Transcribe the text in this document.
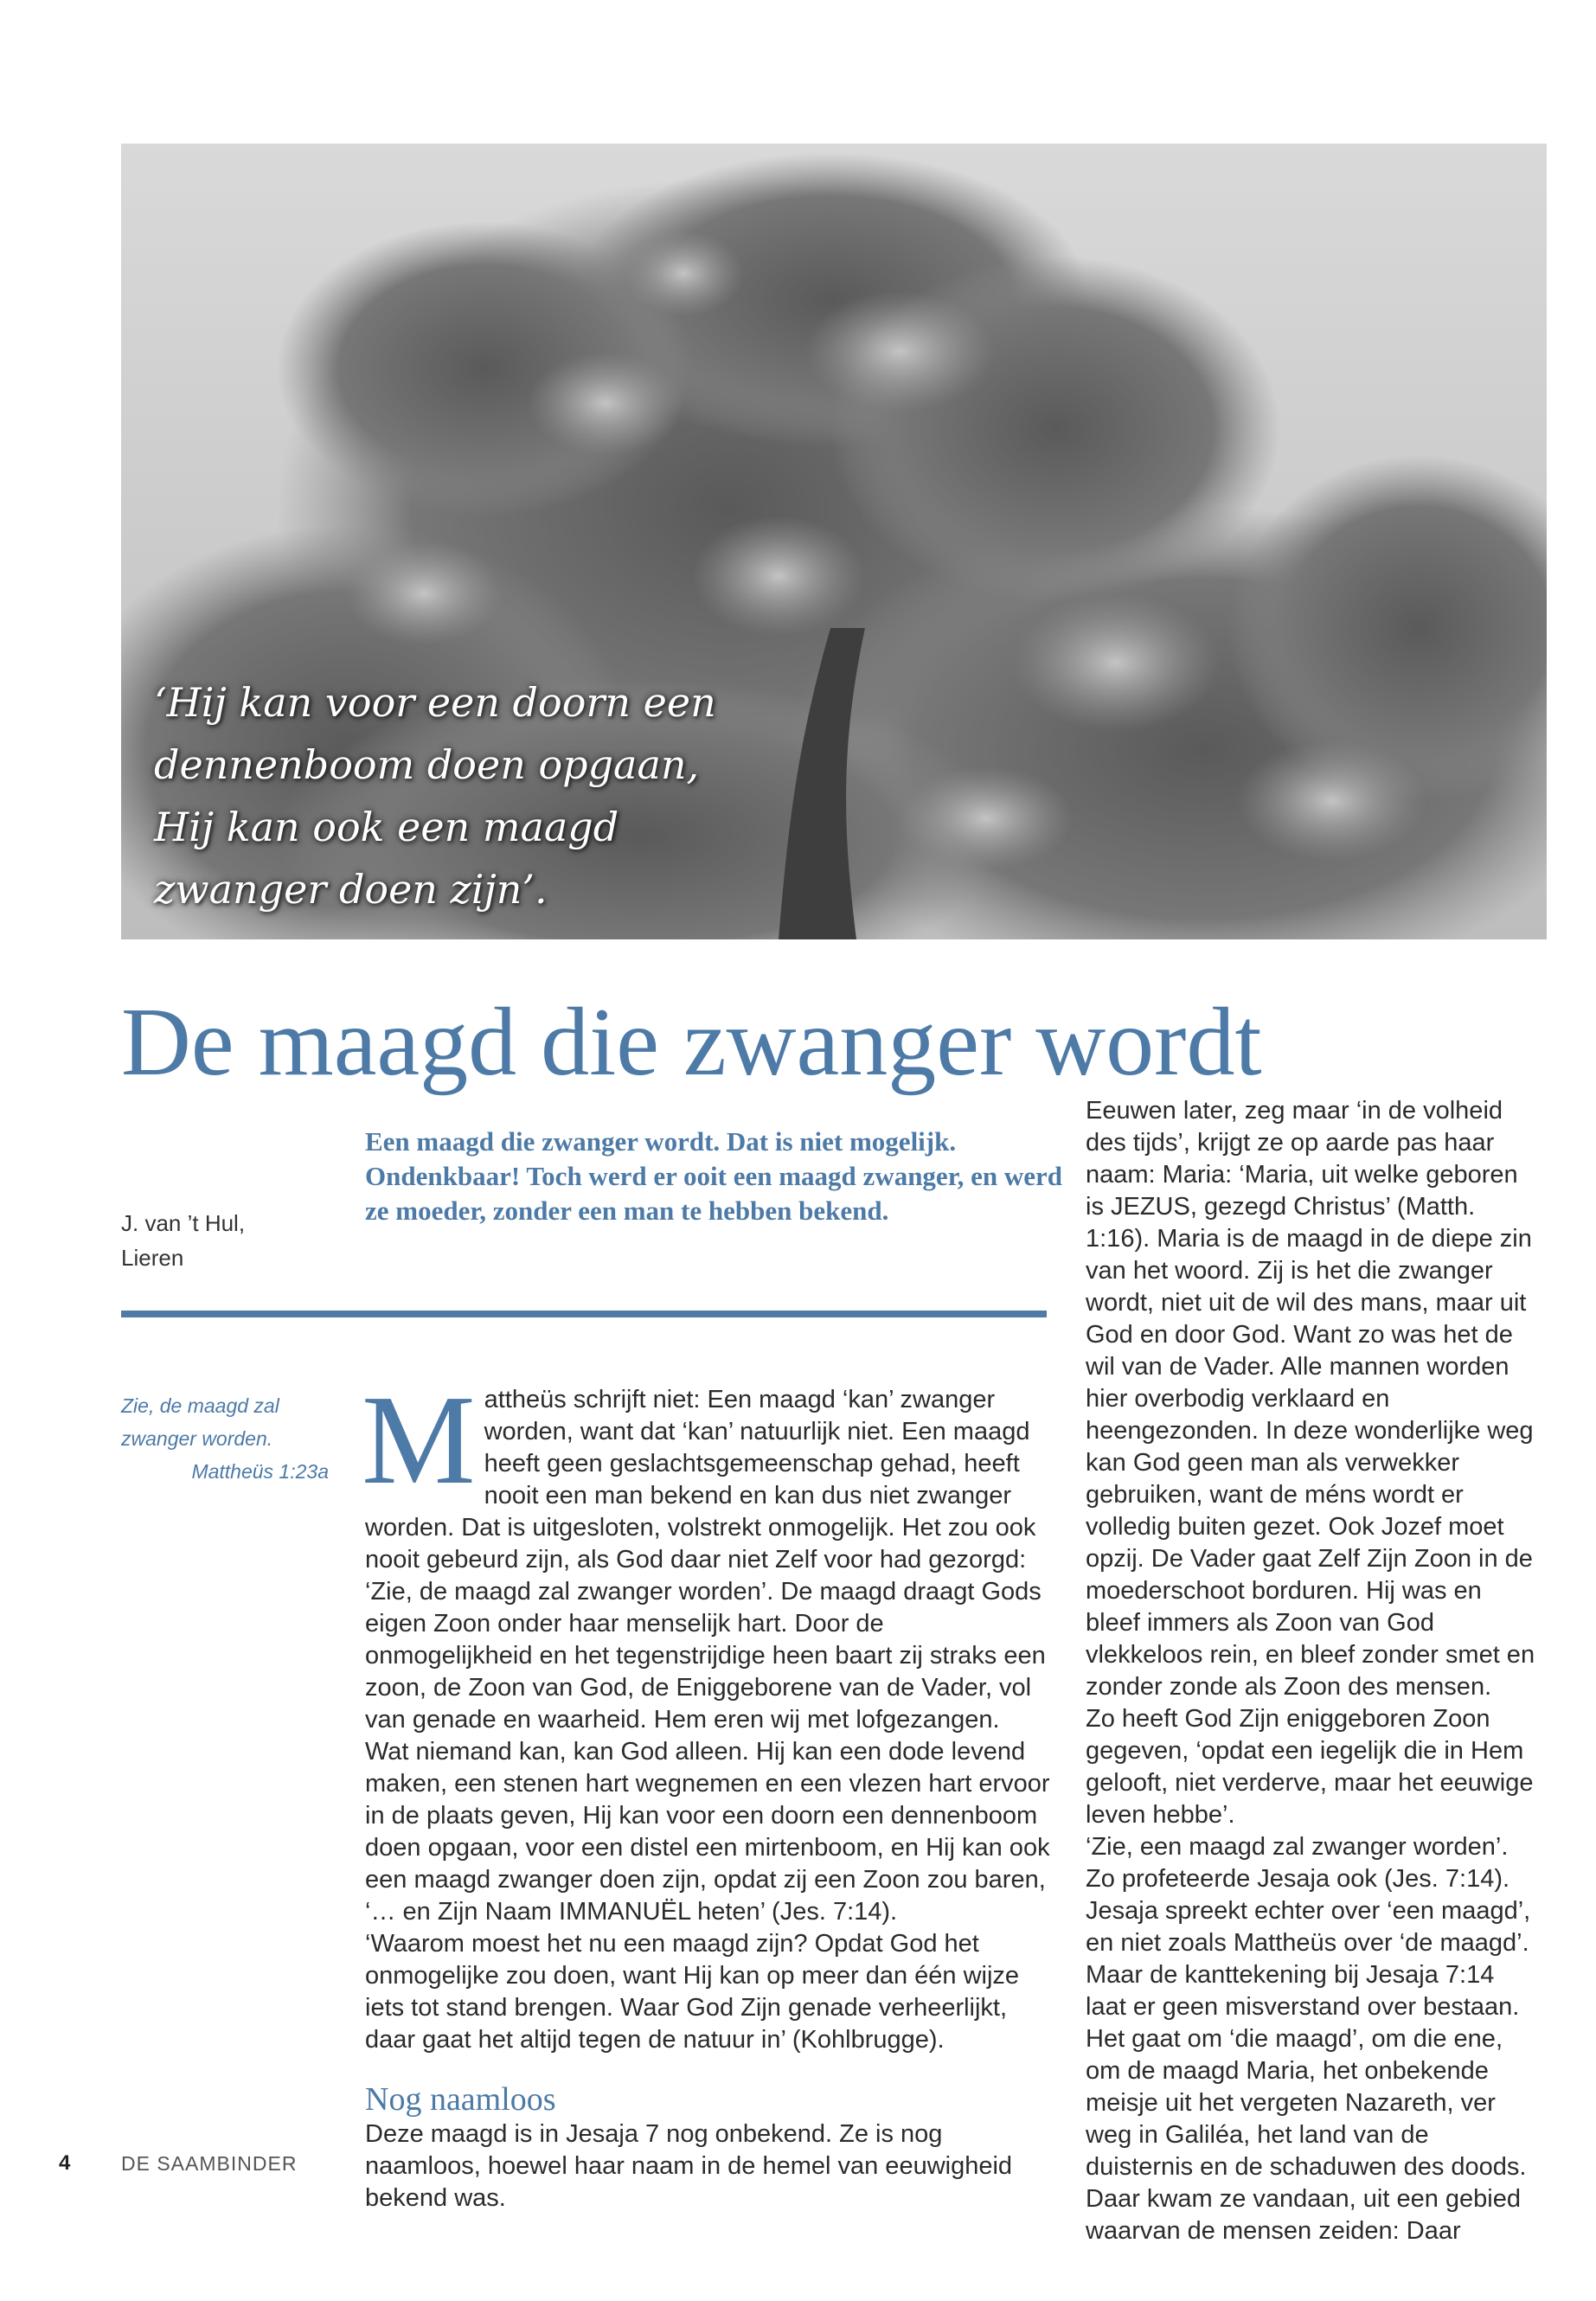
‘Hij kan voor een doorn een
dennenboom doen opgaan,
Hij kan ook een maagd
zwanger doen zijn’.
De maagd die zwanger wordt
J. van ’t Hul,
Lieren

Een maagd die zwanger wordt. Dat is niet mogelijk. Ondenkbaar! Toch werd er ooit een maagd zwanger, en werd ze moeder, zonder een man te hebben bekend.

Zie, de maagd zal zwanger worden.
Mattheüs 1:23a Mattheüs schrijft niet: Een maagd ‘kan’ zwanger worden, want dat ‘kan’ natuurlijk niet. Een maagd heeft geen geslachtsgemeenschap gehad, heeft nooit een man bekend en kan dus niet zwanger worden. Dat is uitgesloten, volstrekt onmogelijk. Het zou ook nooit gebeurd zijn, als God daar niet Zelf voor had gezorgd: ‘Zie, de maagd zal zwanger worden’. De maagd draagt Gods eigen Zoon onder haar menselijk hart. Door de onmogelijkheid en het tegenstrijdige heen baart zij straks een zoon, de Zoon van God, de Eniggeborene van de Vader, vol van genade en waarheid. Hem eren wij met lofgezangen.

Wat niemand kan, kan God alleen. Hij kan een dode levend maken, een stenen hart wegnemen en een vlezen hart ervoor in de plaats geven, Hij kan voor een doorn een dennenboom doen opgaan, voor een distel een mirtenboom, en Hij kan ook een maagd zwanger doen zijn, opdat zij een Zoon zou baren, ‘… en Zijn Naam IMMANUËL heten’ (Jes. 7:14).

‘Waarom moest het nu een maagd zijn? Opdat God het onmogelijke zou doen, want Hij kan op meer dan één wijze iets tot stand brengen. Waar God Zijn genade verheerlijkt, daar gaat het altijd tegen de natuur in’ (Kohlbrugge).

Nog naamloos

Deze maagd is in Jesaja 7 nog onbekend. Ze is nog naamloos, hoewel haar naam in de hemel van eeuwigheid bekend was.

Eeuwen later, zeg maar ‘in de volheid des tijds’, krijgt ze op aarde pas haar naam: Maria: ‘Maria, uit welke geboren is JEZUS, gezegd Christus’ (Matth. 1:16). Maria is de maagd in de diepe zin van het woord. Zij is het die zwanger wordt, niet uit de wil des mans, maar uit God en door God. Want zo was het de wil van de Vader. Alle mannen worden hier overbodig verklaard en heengezonden. In deze wonderlijke weg kan God geen man als verwekker gebruiken, want de méns wordt er volledig buiten gezet. Ook Jozef moet opzij. De Vader gaat Zelf Zijn Zoon in de moederschoot borduren. Hij was en bleef immers als Zoon van God vlekkeloos rein, en bleef zonder smet en zonder zonde als Zoon des mensen.

Zo heeft God Zijn eniggeboren Zoon gegeven, ‘opdat een iegelijk die in Hem gelooft, niet verderve, maar het eeuwige leven hebbe’.

‘Zie, een maagd zal zwanger worden’. Zo profeteerde Jesaja ook (Jes. 7:14). Jesaja spreekt echter over ‘een maagd’, en niet zoals Mattheüs over ‘de maagd’. Maar de kanttekening bij Jesaja 7:14 laat er geen misverstand over bestaan. Het gaat om ‘die maagd’, om die ene, om de maagd Maria, het onbekende meisje uit het vergeten Nazareth, ver weg in Galiléa, het land van de duisternis en de schaduwen des doods. Daar kwam ze vandaan, uit een gebied waarvan de mensen zeiden: Daar

4	DE SAAMBINDER
